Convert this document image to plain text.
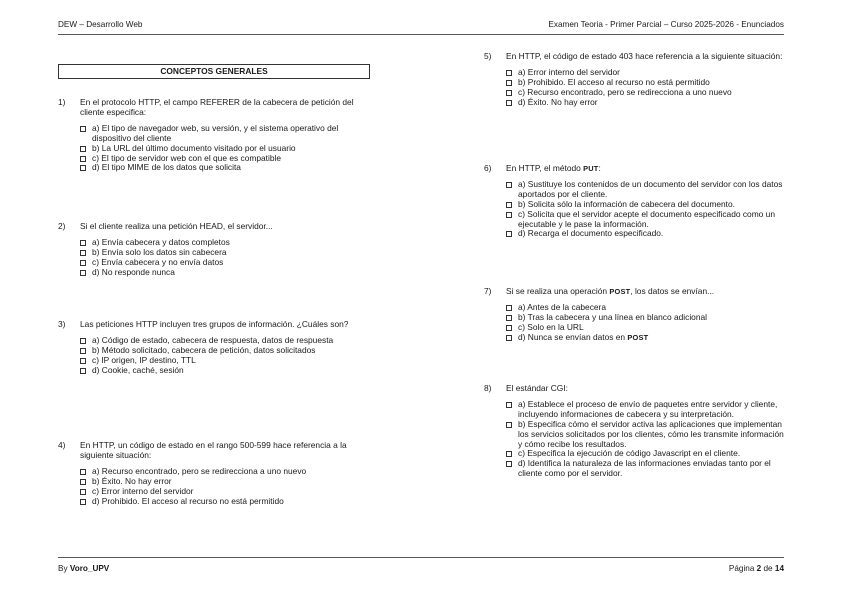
DEW – Desarrollo Web	Examen Teoria - Primer Parcial – Curso 2025-2026 - Enunciados
CONCEPTOS GENERALES
1)	En el protocolo HTTP, el campo REFERER de la cabecera de petición del cliente especifica:
a) El tipo de navegador web, su versión, y el sistema operativo del dispositivo del cliente
b) La URL del último documento visitado por el usuario
c) El tipo de servidor web con el que es compatible
d) El tipo MIME de los datos que solicita
2)	Si el cliente realiza una petición HEAD, el servidor...
a) Envía cabecera y datos completos
b) Envía solo los datos sin cabecera
c) Envía cabecera y no envía datos
d) No responde nunca
3)	Las peticiones HTTP incluyen tres grupos de información. ¿Cuáles son?
a) Código de estado, cabecera de respuesta, datos de respuesta
b) Método solicitado, cabecera de petición, datos solicitados
c) IP origen, IP destino, TTL
d) Cookie, caché, sesión
4)	En HTTP, un código de estado en el rango 500-599 hace referencia a la siguiente situación:
a) Recurso encontrado, pero se redirecciona a uno nuevo
b) Éxito. No hay error
c) Error interno del servidor
d) Prohibido. El acceso al recurso no está permitido
5)	En HTTP, el código de estado 403 hace referencia a la siguiente situación:
a) Error interno del servidor
b) Prohibido. El acceso al recurso no está permitido
c) Recurso encontrado, pero se redirecciona a uno nuevo
d) Éxito. No hay error
6)	En HTTP, el método PUT:
a) Sustituye los contenidos de un documento del servidor con los datos aportados por el cliente.
b) Solicita sólo la información de cabecera del documento.
c) Solicita que el servidor acepte el documento especificado como un ejecutable y le pase la información.
d) Recarga el documento especificado.
7)	Si se realiza una operación POST, los datos se envían...
a) Antes de la cabecera
b) Tras la cabecera y una línea en blanco adicional
c) Solo en la URL
d) Nunca se envían datos en POST
8)	El estándar CGI:
a) Establece el proceso de envío de paquetes entre servidor y cliente, incluyendo informaciones de cabecera y su interpretación.
b) Especifica cómo el servidor activa las aplicaciones que implementan los servicios solicitados por los clientes, cómo les transmite información y cómo recibe los resultados.
c) Especifica la ejecución de código Javascript en el cliente.
d) Identifica la naturaleza de las informaciones enviadas tanto por el cliente como por el servidor.
By Voro_UPV	Página 2 de 14
